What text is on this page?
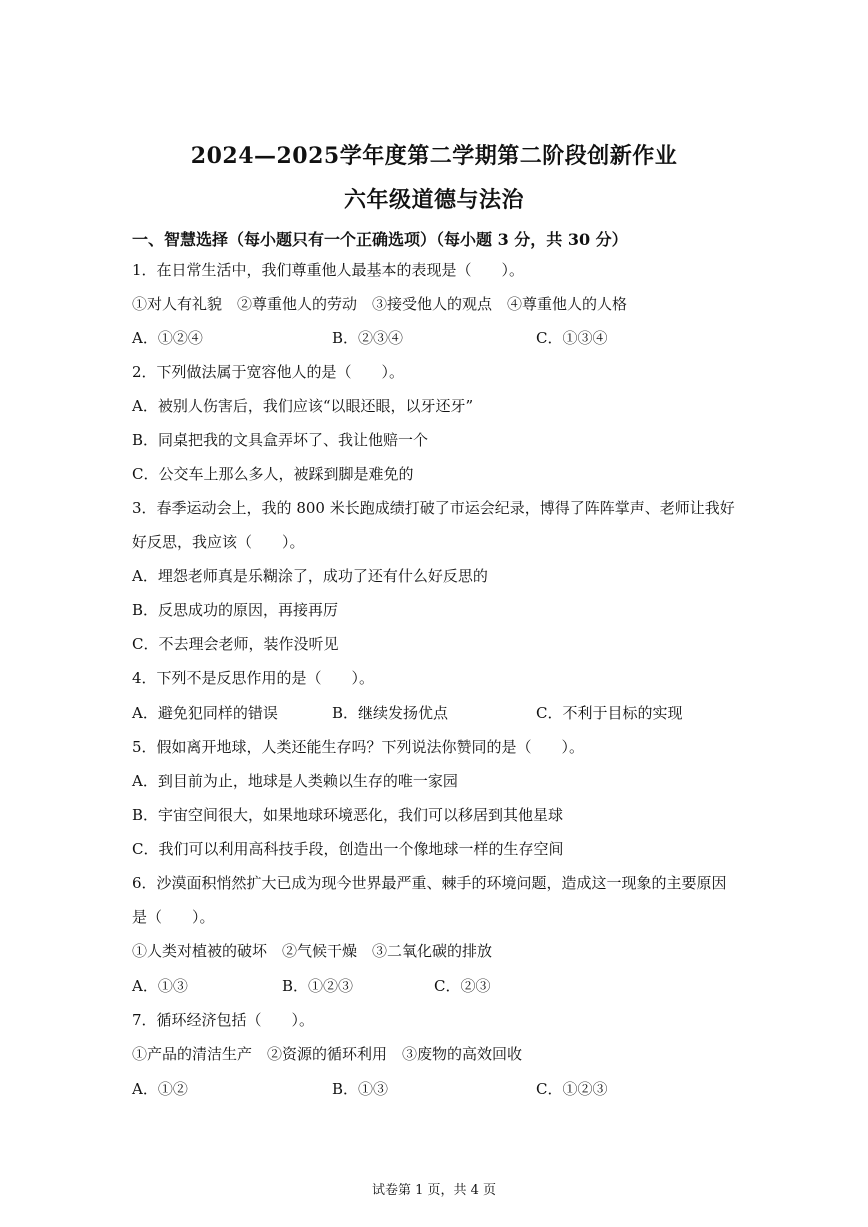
2024—2025学年度第二学期第二阶段创新作业
六年级道德与法治
一、智慧选择（每小题只有一个正确选项）（每小题 3 分，共 30 分）
1．在日常生活中，我们尊重他人最基本的表现是（　　）。
①对人有礼貌　②尊重他人的劳动　③接受他人的观点　④尊重他人的人格
A．①②④	B．②③④	C．①③④
2．下列做法属于宽容他人的是（　　）。
A．被别人伤害后，我们应该“以眼还眼，以牙还牙”
B．同桌把我的文具盒弄坏了、我让他赔一个
C．公交车上那么多人，被踩到脚是难免的
3．春季运动会上，我的 800 米长跑成绩打破了市运会纪录，博得了阵阵掌声、老师让我好
好反思，我应该（　　）。
A．埋怨老师真是乐糊涂了，成功了还有什么好反思的
B．反思成功的原因，再接再厉
C．不去理会老师，装作没听见
4．下列不是反思作用的是（　　）。
A．避免犯同样的错误	B．继续发扬优点	C．不利于目标的实现
5．假如离开地球，人类还能生存吗？下列说法你赞同的是（　　）。
A．到目前为止，地球是人类赖以生存的唯一家园
B．宇宙空间很大，如果地球环境恶化，我们可以移居到其他星球
C．我们可以利用高科技手段，创造出一个像地球一样的生存空间
6．沙漠面积悄然扩大已成为现今世界最严重、棘手的环境问题，造成这一现象的主要原因
是（　　）。
①人类对植被的破坏　②气候干燥　③二氧化碳的排放
A．①③	B．①②③	C．②③
7．循环经济包括（　　）。
①产品的清洁生产　②资源的循环利用　③废物的高效回收
A．①②	B．①③	C．①②③
试卷第 1 页，共 4 页
